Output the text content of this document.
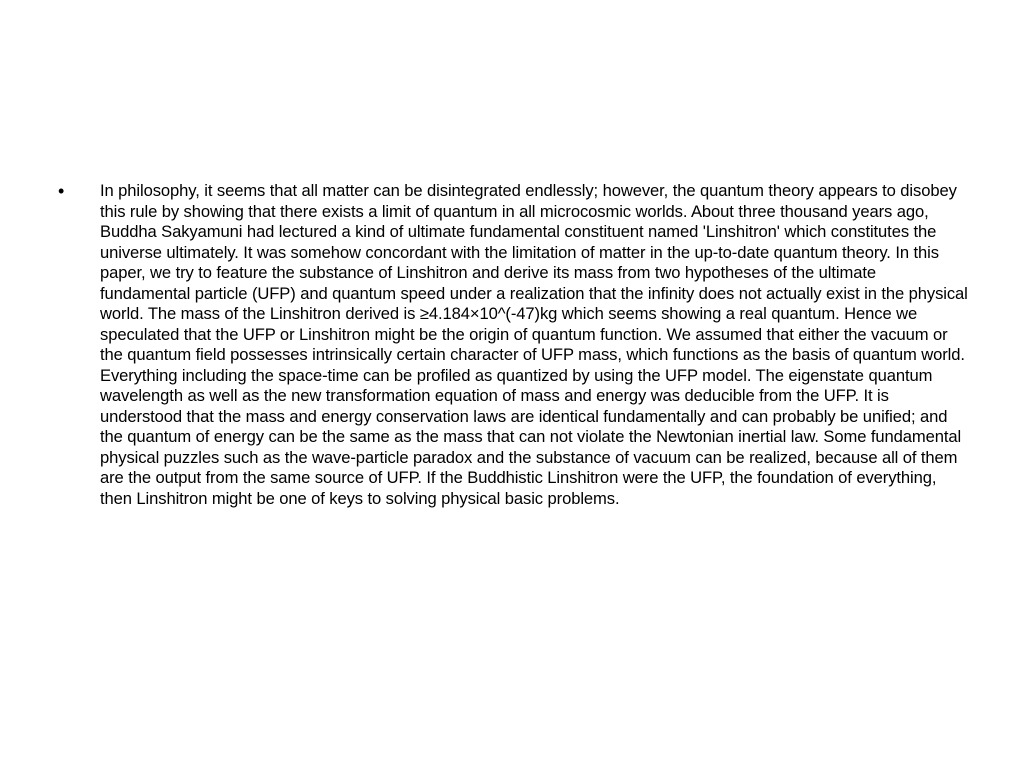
• In philosophy, it seems that all matter can be disintegrated endlessly; however, the quantum theory appears to disobey this rule by showing that there exists a limit of quantum in all microcosmic worlds. About three thousand years ago, Buddha Sakyamuni had lectured a kind of ultimate fundamental constituent named 'Linshitron' which constitutes the universe ultimately. It was somehow concordant with the limitation of matter in the up-to-date quantum theory. In this paper, we try to feature the substance of Linshitron and derive its mass from two hypotheses of the ultimate fundamental particle (UFP) and quantum speed under a realization that the infinity does not actually exist in the physical world. The mass of the Linshitron derived is ≥4.184×10^(-47)kg which seems showing a real quantum. Hence we speculated that the UFP or Linshitron might be the origin of quantum function. We assumed that either the vacuum or the quantum field possesses intrinsically certain character of UFP mass, which functions as the basis of quantum world. Everything including the space-time can be profiled as quantized by using the UFP model. The eigenstate quantum wavelength as well as the new transformation equation of mass and energy was deducible from the UFP. It is understood that the mass and energy conservation laws are identical fundamentally and can probably be unified; and the quantum of energy can be the same as the mass that can not violate the Newtonian inertial law. Some fundamental physical puzzles such as the wave-particle paradox and the substance of vacuum can be realized, because all of them are the output from the same source of UFP. If the Buddhistic Linshitron were the UFP, the foundation of everything, then Linshitron might be one of keys to solving physical basic problems.
